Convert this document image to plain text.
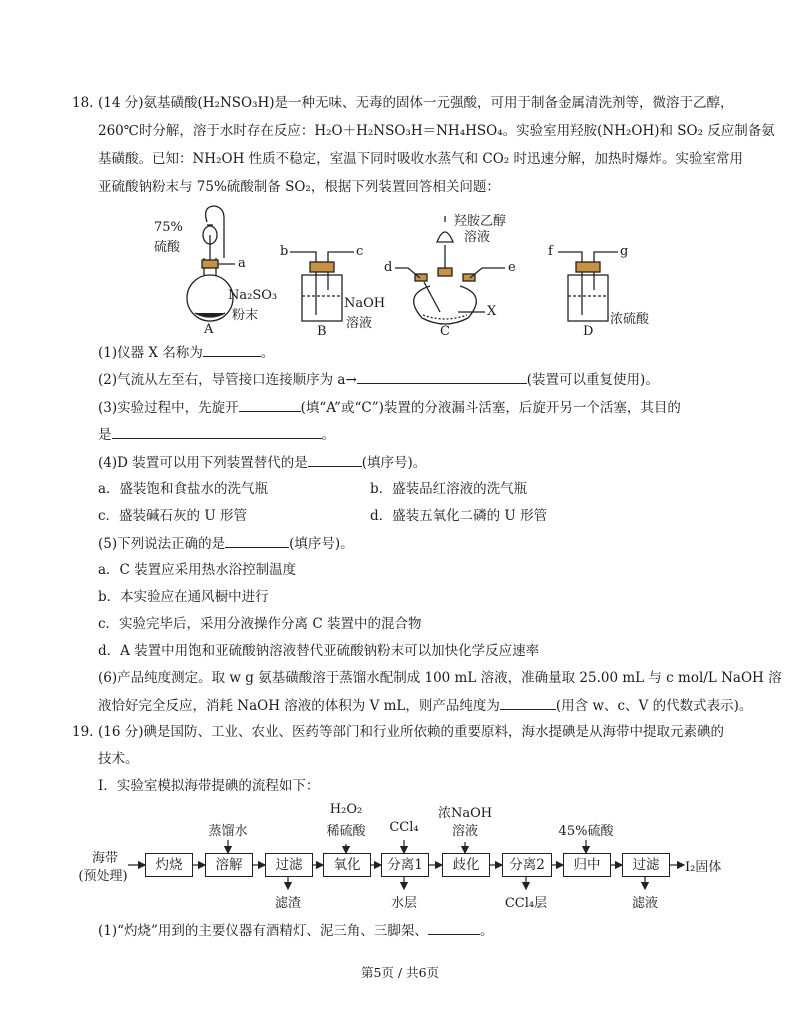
18. (14 分)氨基磺酸(H₂NSO₃H)是一种无味、无毒的固体一元强酸，可用于制备金属清洗剂等，微溶于乙醇，
260℃时分解，溶于水时存在反应：H₂O＋H₂NSO₃H＝NH₄HSO₄。实验室用羟胺(NH₂OH)和 SO₂ 反应制备氨
基磺酸。已知：NH₂OH 性质不稳定，室温下同时吸收水蒸气和 CO₂ 时迅速分解，加热时爆炸。实验室常用
亚硫酸钠粉末与 75%硫酸制备 SO₂，根据下列装置回答相关问题：
75%
硫酸
a
Na₂SO₃
粉末
A
b	c
NaOH
溶液
B
d	e
羟胺乙醇
溶液
X
C
f	g
浓硫酸
D
(1)仪器 X 名称为	。
(2)气流从左至右，导管接口连接顺序为 a→	(装置可以重复使用)。
(3)实验过程中，先旋开	(填“A”或“C”)装置的分液漏斗活塞，后旋开另一个活塞，其目的
是	。
(4)D 装置可以用下列装置替代的是	(填序号)。
a．盛装饱和食盐水的洗气瓶	b．盛装品红溶液的洗气瓶
c．盛装碱石灰的 U 形管	d．盛装五氧化二磷的 U 形管
(5)下列说法正确的是	(填序号)。
a．C 装置应采用热水浴控制温度
b．本实验应在通风橱中进行
c．实验完毕后，采用分液操作分离 C 装置中的混合物
d．A 装置中用饱和亚硫酸钠溶液替代亚硫酸钠粉末可以加快化学反应速率
(6)产品纯度测定。取 w g 氨基磺酸溶于蒸馏水配制成 100 mL 溶液，准确量取 25.00 mL 与 c mol/L NaOH 溶
液恰好完全反应，消耗 NaOH 溶液的体积为 V mL，则产品纯度为	(用含 w、c、V 的代数式表示)。
19. (16 分)碘是国防、工业、农业、医药等部门和行业所依赖的重要原料，海水提碘是从海带中提取元素碘的
技术。
I．实验室模拟海带提碘的流程如下：
海带
(预处理)
灼烧	溶解	过滤	氧化	分离1	歧化	分离2	归中	过滤	I₂固体
蒸馏水
H₂O₂
稀硫酸	CCl₄
浓NaOH
溶液	45%硫酸
滤渣	水层	CCl₄层	滤液
(1)“灼烧”用到的主要仪器有酒精灯、泥三角、三脚架、	。
第5页 / 共6页
